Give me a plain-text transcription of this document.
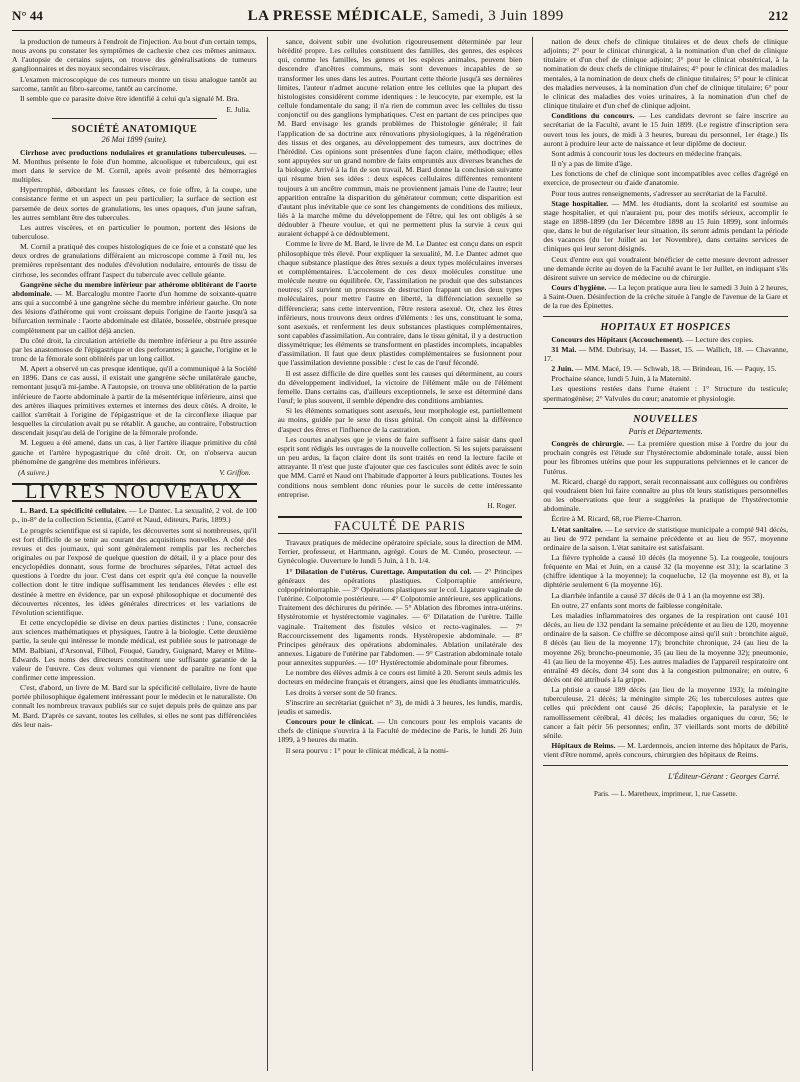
N° 44	LA PRESSE MÉDICALE, Samedi, 3 Juin 1899	212

la production de tumeurs à l'endroit de l'injection. Au bout d'un certain temps, nous avons pu constater les symptômes de cachexie chez ces mêmes animaux. A l'autopsie de certains sujets, on trouve des généralisations de tumeurs ganglionnaires et des noyaux secondaires viscéraux.

L'examen microscopique de ces tumeurs montre un tissu analogue tantôt au sarcome, tantôt au fibro-sarcome, tantôt au carcinome.

Il semble que ce parasite doive être identifié à celui qu'a signalé M. Bra.

E. Julia.
SOCIÉTÉ ANATOMIQUE
26 Mai 1899 (suite).

Cirrhose avec productions nodulaires et granulations tuberculeuses. — M. Monthus présente le foie d'un homme, alcoolique et tuberculeux, qui est mort dans le service de M. Cornil, après avoir présenté des hémorragies multiples.

Hypertrophié, débordant les fausses côtes, ce foie offre, à la coupe, une consistance ferme et un aspect un peu particulier; la surface de section est parsemée de deux sortes de granulations, les unes opaques, d'un jaune safran, les autres semblant être des tubercules.

Les autres viscères, et en particulier le poumon, portent des lésions de tuberculose.

M. Cornil a pratiqué des coupes histologiques de ce foie et a constaté que les deux ordres de granulations différaient au microscope comme à l'œil nu, les premières représentant des nodules d'évolution nodulaire, entourés de tissu de cirrhose, les secondes offrant l'aspect du tubercule avec cellule géante.

Gangrène sèche du membre inférieur par athérome oblitérant de l'aorte abdominale. — M. Barcaloglu montre l'aorte d'un homme de soixante-quatre ans qui a succombé à une gangrène sèche du membre inférieur gauche. On note des lésions d'athérome qui vont croissant depuis l'origine de l'aorte jusqu'à sa bifurcation terminale : l'aorte abdominale est dilatée, bosselée, obstruée presque complètement par un caillot déjà ancien.

Du côté droit, la circulation artérielle du membre inférieur a pu être assurée par les anastomoses de l'épigastrique et des perforantes; à gauche, l'origine et le tronc de la fémorale sont oblitérés par un long caillot.

M. Apert a observé un cas presque identique, qu'il a communiqué à la Société en 1896. Dans ce cas aussi, il existait une gangrène sèche unilatérale gauche, remontant jusqu'à mi-jambe. A l'autopsie, on trouva une oblitération de la partie inférieure de l'aorte abdominale à partir de la mésentérique inférieure, ainsi que des artères iliaques primitives externes et internes des deux côtés. A droite, le caillot s'arrêtait à l'origine de l'épigastrique et de la circonflexe iliaque par lesquelles la circulation avait pu se rétablir. A gauche, au contraire, l'obstruction descendait jusqu'au delà de l'origine de la fémorale profonde.

M. Legueu a été amené, dans un cas, à lier l'artère iliaque primitive du côté gauche et l'artère hypogastrique du côté droit. Or, on n'observa aucun phénomène de gangrène des membres inférieurs.

(A suivre.)	V. Griffon.
LIVRES NOUVEAUX

L. Bard. La spécificité cellulaire. — Le Dantec. La sexualité, 2 vol. de 100 p., in-8° de la collection Scientia, (Carré et Naud, éditeurs, Paris, 1899.)

Le progrès scientifique est si rapide, les découvertes sont si nombreuses, qu'il est fort difficile de se tenir au courant des acquisitions nouvelles. A côté des revues et des journaux, qui sont généralement remplis par les recherches originales ou par l'exposé de quelque question de détail, il y a place pour des encyclopédies donnant, sous forme de brochures séparées, l'état actuel des questions à l'ordre du jour. C'est dans cet esprit qu'a été conçue la nouvelle collection dont le titre indique suffisamment les tendances élevées : elle est destinée à mettre en évidence, par un exposé philosophique et documenté des découvertes récentes, les idées générales directrices et les variations de l'évolution scientifique.

Et cette encyclopédie se divise en deux parties distinctes : l'une, consacrée aux sciences mathématiques et physiques, l'autre à la biologie. Cette deuxième partie, la seule qui intéresse le monde médical, est publiée sous le patronage de MM. Balbiani, d'Arsonval, Filhol, Fouqué, Gaudry, Guignard, Marey et Milne-Edwards. Les noms des directeurs constituent une suffisante garantie de la valeur de l'œuvre. Ces deux volumes qui viennent de paraître ne font que confirmer cette impression.

C'est, d'abord, un livre de M. Bard sur la spécificité cellulaire, livre de haute portée philosophique également intéressant pour le médecin et le naturaliste. On connaît les nombreux travaux publiés sur ce sujet depuis près de quinze ans par M. Bard. D'après ce savant, toutes les cellules, si elles ne sont pas différenciées dès leur nais-

sance, doivent subir une évolution rigoureusement déterminée par leur hérédité propre. Les cellules constituent des familles, des genres, des espèces qui, comme les familles, les genres et les espèces animales, peuvent bien descendre d'ancêtres communs, mais sont devenues incapables de se transformer les unes dans les autres. Pourtant cette théorie jusqu'à ses dernières limites, l'auteur n'admet aucune relation entre les cellules que la plupart des histologistes considèrent comme identiques : le leucocyte, par exemple, est la cellule fondamentale du sang; il n'a rien de commun avec les cellules du tissu conjonctif ou des ganglions lymphatiques. C'est en partant de ces principes que M. Bard envisage les grands problèmes de l'histologie générale; il fait l'application de sa doctrine aux rénovations physiologiques, à la régénération des tissus et des organes, au développement des tumeurs, aux doctrines de l'hérédité. Ces opinions sont présentées d'une façon claire, méthodique; elles sont appuyées sur un grand nombre de faits empruntés aux diverses branches de la biologie. Arrivé à la fin de son travail, M. Bard donne la conclusion suivante qui résume bien ses idées : deux espèces cellulaires différentes remontent toujours à un ancêtre commun, mais ne proviennent jamais l'une de l'autre; leur apparition entraîne la disparition du générateur commun; cette disparition est d'autant plus inévitable que ce sont les changements de conditions des milieux, liés à la marche même du développement de l'être, qui les ont obligés à se dédoubler à l'heure voulue, et qui ne permettent plus la survie à ceux qui auraient échappé à ce dédoublement.

Comme le livre de M. Bard, le livre de M. Le Dantec est conçu dans un esprit philosophique très élevé. Pour expliquer la sexualité, M. Le Dantec admet que chaque substance plastique des êtres sexués a deux types moléculaires inverses et complémentaires. L'accolement de ces deux molécules constitue une molécule neutre ou équilibrée. Or, l'assimilation ne produit que des substances neutres; s'il survient un processus de destruction frappant un des deux types moléculaires, pour mettre l'autre en liberté, la différenciation sexuelle se différenciera; sans cette intervention, l'être restera asexué. Or, chez les êtres inférieurs, nous trouvons deux ordres d'éléments : les uns, constituant le soma, sont asexués, et renferment les deux substances plastiques complémentaires, sont capables d'assimilation. Au contraire, dans le tissu génital, il y a destruction dissymétrique; les éléments se transforment en plastides incomplets, incapables d'assimilation. Il faut que deux plastides complémentaires se fusionnent pour que l'assimilation devienne possible : c'est le cas de l'œuf fécondé.

Il est assez difficile de dire quelles sont les causes qui déterminent, au cours du développement individuel, la victoire de l'élément mâle ou de l'élément femelle. Dans certains cas, d'ailleurs exceptionnels, le sexe est déterminé dans l'œuf; le plus souvent, il semble dépendre des conditions ambiantes.

Si les éléments somatiques sont asexués, leur morphologie est, partiellement au moins, guidée par le sexe du tissu génital. On conçoit ainsi la différence d'aspect des êtres et l'influence de la castration.

Les courtes analyses que je viens de faire suffisent à faire saisir dans quel esprit sont rédigés les ouvrages de la nouvelle collection. Si les sujets paraissent un peu ardus, la façon claire dont ils sont traités en rend la lecture facile et attrayante. Il n'est que juste d'ajouter que ces fascicules sont édités avec le soin que MM. Carré et Naud ont l'habitude d'apporter à leurs publications. Toutes les conditions nous semblent donc réunies pour le succès de cette intéressante entreprise.

H. Roger.
FACULTÉ DE PARIS

Travaux pratiques de médecine opératoire spéciale, sous la direction de MM. Terrier, professeur, et Hartmann, agrégé. Cours de M. Cunéo, prosecteur. — Gynécologie. Ouverture le lundi 5 Juin, à 1 h. 1/4.

1° Dilatation de l'utérus. Curettage. Amputation du col. — 2° Principes généraux des opérations plastiques. Colporraphie antérieure, colpopérinéorraphie. — 3° Opérations plastiques sur le col. Ligature vaginale de l'utérine. Colpotomie postérieure. — 4° Colpotomie antérieure, ses applications. Traitement des déchirures du périnée. — 5° Ablation des fibromes intra-utérins. Hystérotomie et hystérectomie vaginales. — 6° Dilatation de l'urètre. Taille vaginale. Traitement des fistules vésico et recto-vaginales. — 7° Raccourcissement des ligaments ronds. Hystéropexie abdominale. — 8° Principes généraux des opérations abdominales. Ablation unilatérale des annexes. Ligature de l'utérine par l'abdomen. — 9° Castration abdominale totale pour annexites suppurées. — 10° Hystérectomie abdominale pour fibromes.

Le nombre des élèves admis à ce cours est limité à 20. Seront seuls admis les docteurs en médecine français et étrangers, ainsi que les étudiants immatriculés.

Les droits à verser sont de 50 francs.

S'inscrire au secrétariat (guichet n° 3), de midi à 3 heures, les lundis, mardis, jeudis et samedis.

Concours pour le clinicat. — Un concours pour les emplois vacants de chefs de clinique s'ouvrira à la Faculté de médecine de Paris, le lundi 26 Juin 1899, à 9 heures du matin.

Il sera pourvu : 1° pour le clinicat médical, à la nomi-

nation de deux chefs de clinique titulaires et de deux chefs de clinique adjoints; 2° pour le clinicat chirurgical, à la nomination d'un chef de clinique titulaire et d'un chef de clinique adjoint; 3° pour le clinicat obstétrical, à la nomination de deux chefs de clinique titulaires; 4° pour le clinicat des maladies mentales, à la nomination de deux chefs de clinique titulaires; 5° pour le clinicat des maladies nerveuses, à la nomination d'un chef de clinique titulaire; 6° pour le clinicat des maladies des voies urinaires, à la nomination d'un chef de clinique titulaire et d'un chef de clinique adjoint.

Conditions du concours. — Les candidats devront se faire inscrire au secrétariat de la Faculté, avant le 15 Juin 1899. (Le registre d'inscription sera ouvert tous les jours, de midi à 3 heures, bureau du personnel, 1er étage.) Ils auront à produire leur acte de naissance et leur diplôme de docteur.

Sont admis à concourir tous les docteurs en médecine français.

Il n'y a pas de limite d'âge.

Les fonctions de chef de clinique sont incompatibles avec celles d'agrégé en exercice, de prosecteur ou d'aide d'anatomie.

Pour tous autres renseignements, s'adresser au secrétariat de la Faculté.

Stage hospitalier. — MM. les étudiants, dont la scolarité est soumise au stage hospitalier, et qui n'auraient pu, pour des motifs sérieux, accomplir le stage en 1898-1899 (du 1er Décembre 1898 au 15 Juin 1899), sont informés que, dans le but de régulariser leur situation, ils seront admis pendant la période des vacances (du 1er Juillet au 1er Novembre), dans certains services de cliniques qui leur seront désignés.

Ceux d'entre eux qui voudraient bénéficier de cette mesure devront adresser une demande écrite au doyen de la Faculté avant le 1er Juillet, en indiquant s'ils désirent suivre un service de médecine ou de chirurgie.

Cours d'hygiène. — La leçon pratique aura lieu le samedi 3 Juin à 2 heures, à Saint-Ouen. Désinfection de la crèche située à l'angle de l'avenue de la Gare et de la rue des Épinettes.

HOPITAUX ET HOSPICES

Concours des Hôpitaux (Accouchement). — Lecture des copies.

31 Mai. — MM. Dubrisay, 14. — Basset, 15. — Wallich, 18. — Chavanne, 17.

2 Juin. — MM. Macé, 19. — Schwab, 18. — Brindeau, 16. — Paquy, 15.

Prochaine séance, lundi 5 Juin, à la Maternité.

Les questions restées dans l'urne étaient : 1° Structure du testicule; spermatogénèse; 2° Valvules du cœur; anatomie et physiologie.

NOUVELLES
Paris et Départements.

Congrès de chirurgie. — La première question mise à l'ordre du jour du prochain congrès est l'étude sur l'hystérectomie abdominale totale, aussi bien pour les fibromes utérins que pour les suppurations pelviennes et le cancer de l'utérus.

M. Ricard, chargé du rapport, serait reconnaissant aux collègues ou confrères qui voudraient bien lui faire connaître au plus tôt leurs statistiques personnelles ou les observations que leur a suggérées la pratique de l'hystérectomie abdominale.

Écrire à M. Ricard, 68, rue Pierre-Charron.

L'état sanitaire. — Le service de statistique municipale a compté 941 décès, au lieu de 972 pendant la semaine précédente et au lieu de 957, moyenne ordinaire de la saison. L'état sanitaire est satisfaisant.

La fièvre typhoïde a causé 10 décès (la moyenne 5). La rougeole, toujours fréquente en Mai et Juin, en a causé 32 (la moyenne est 31); la scarlatine 3 (chiffre identique à la moyenne); la coqueluche, 12 (la moyenne est 8), et la diphtérie seulement 6 (la moyenne 16).

La diarrhée infantile a causé 37 décès de 0 à 1 an (la moyenne est 38).

En outre, 27 enfants sont morts de faiblesse congénitale.

Les maladies inflammatoires des organes de la respiration ont causé 101 décès, au lieu de 132 pendant la semaine précédente et au lieu de 120, moyenne ordinaire de la saison. Ce chiffre se décompose ainsi qu'il suit : bronchite aiguë, 8 décès (au lieu de la moyenne 17); bronchite chronique, 24 (au lieu de la moyenne 26); broncho-pneumonie, 35 (au lieu de la moyenne 32); pneumonie, 41 (au lieu de la moyenne 45). Les autres maladies de l'appareil respiratoire ont entraîné 49 décès, dont 34 sont dus à la congestion pulmonaire; en outre, 6 décès ont été attribués à la grippe.

La phtisie a causé 189 décès (au lieu de la moyenne 193); la méningite tuberculeuse, 21 décès; la méningite simple 26; les tuberculoses autres que celles qui précèdent ont causé 26 décès; l'apoplexie, la paralysie et le ramollissement cérébral, 41 décès; les maladies organiques du cœur, 56; le cancer a fait périr 56 personnes; enfin, 37 vieillards sont morts de débilité sénile.

Hôpitaux de Reims. — M. Lardennois, ancien interne des hôpitaux de Paris, vient d'être nommé, après concours, chirurgien des hôpitaux de Reims.

L'Éditeur-Gérant : Georges Carré.
Paris. — L. Maretheux, imprimeur, 1, rue Cassette.
